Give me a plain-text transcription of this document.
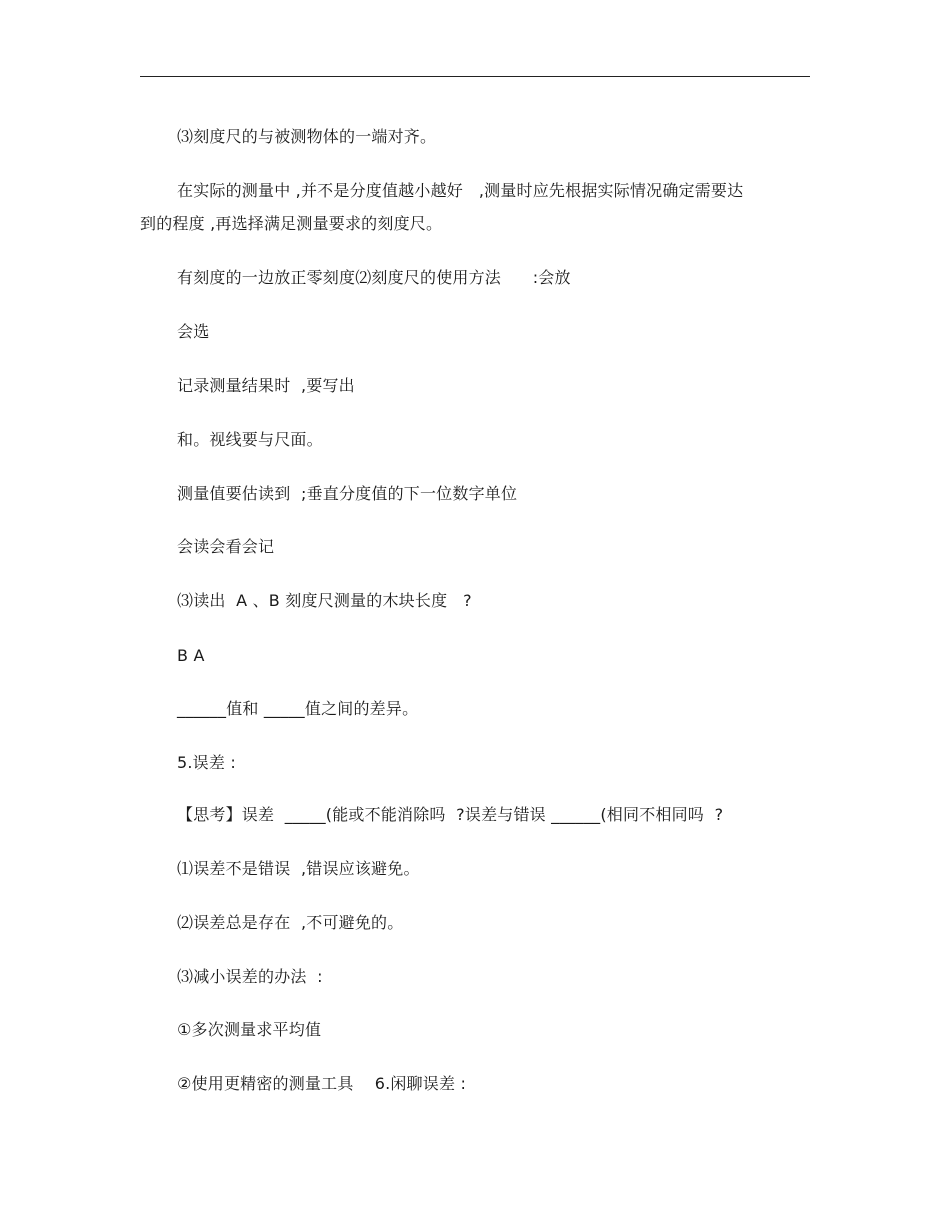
⑶刻度尺的与被测物体的一端对齐。
在实际的测量中 ,并不是分度值越小越好   ,测量时应先根据实际情况确定需要达
到的程度 ,再选择满足测量要求的刻度尺。
有刻度的一边放正零刻度⑵刻度尺的使用方法      :会放
会选
记录测量结果时  ,要写出
和。视线要与尺面。
测量值要估读到  ;垂直分度值的下一位数字单位
会读会看会记
⑶读出  A 、B 刻度尺测量的木块长度   ?
B A
______值和 _____值之间的差异。
5.误差 :
【思考】误差  _____(能或不能消除吗  ?误差与错误 ______(相同不相同吗  ?
⑴误差不是错误  ,错误应该避免。
⑵误差总是存在  ,不可避免的。
⑶减小误差的办法  :
①多次测量求平均值
②使用更精密的测量工具    6.闲聊误差 :
